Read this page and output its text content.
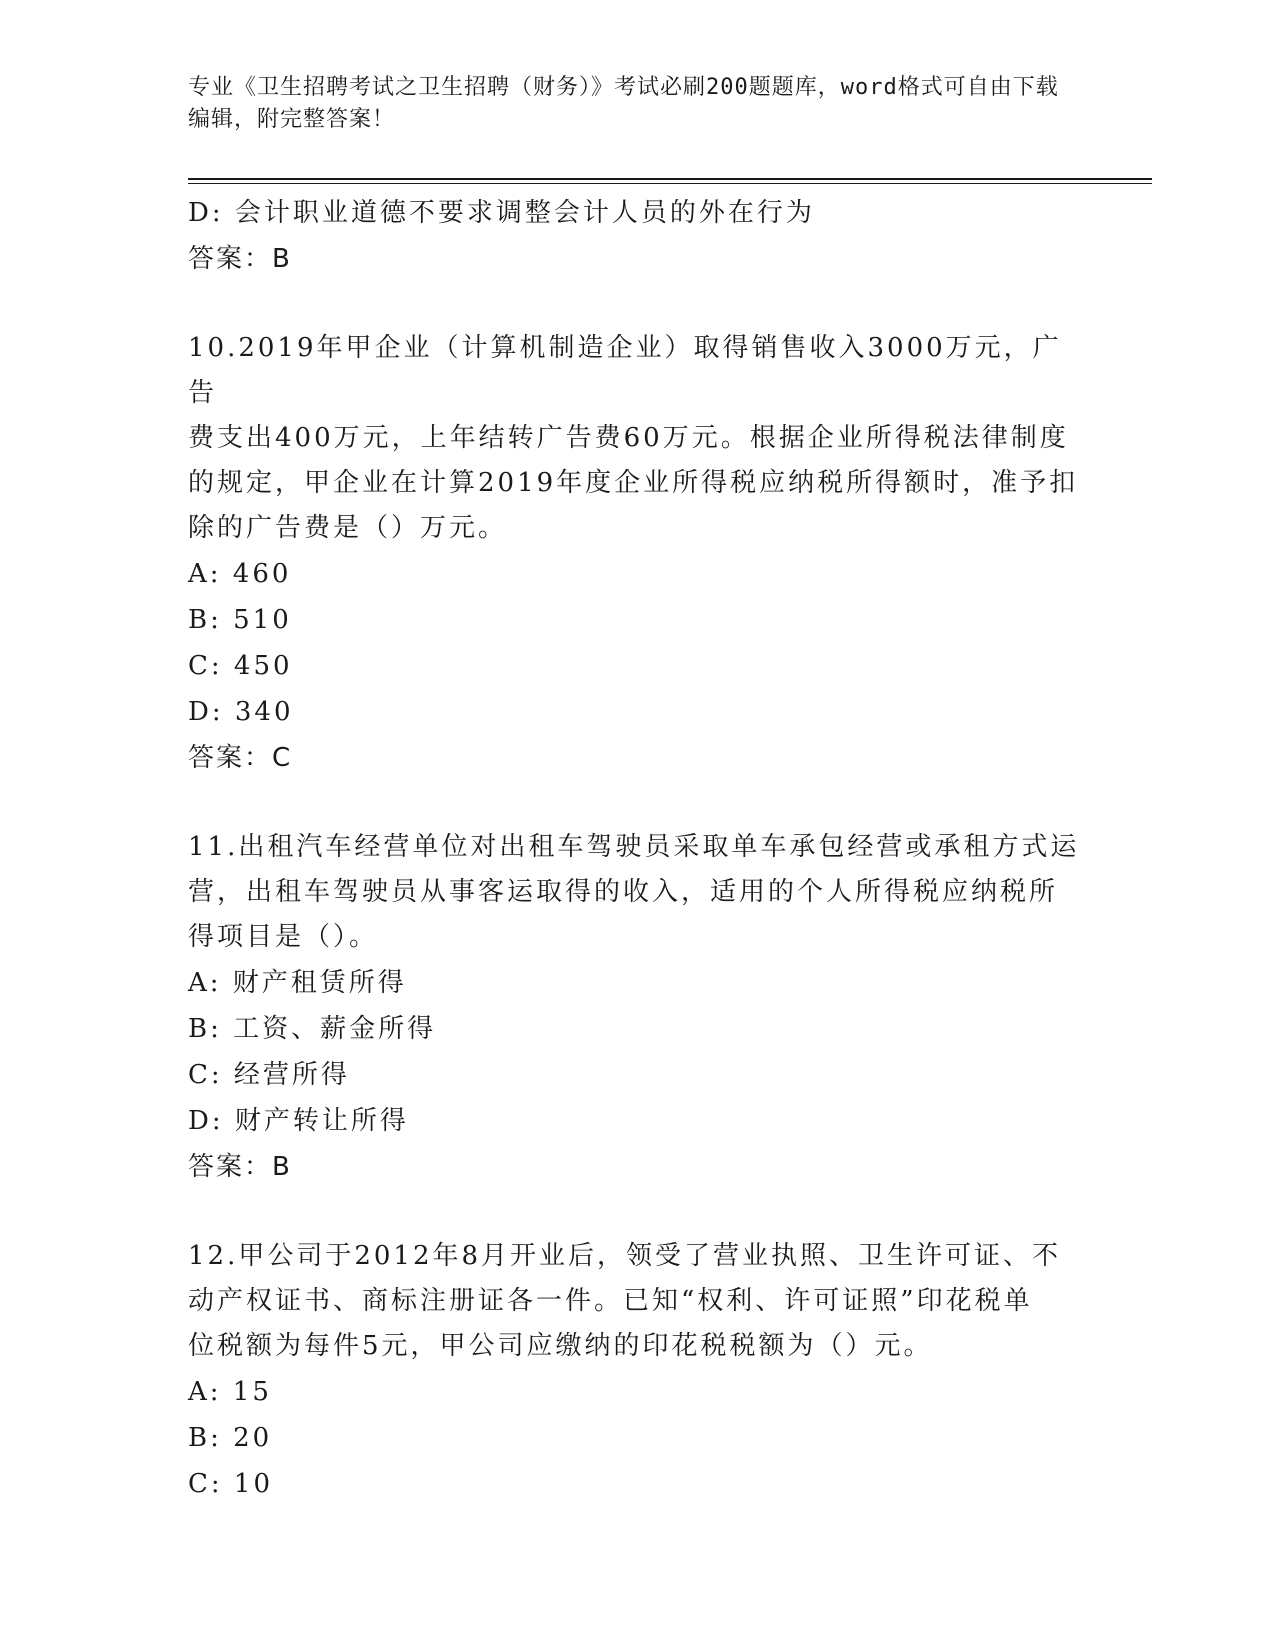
专业《卫生招聘考试之卫生招聘（财务）》考试必刷200题题库，word格式可自由下载编辑，附完整答案！
D: 会计职业道德不要求调整会计人员的外在行为
答案：B
10.2019年甲企业（计算机制造企业）取得销售收入3000万元，广告
费支出400万元，上年结转广告费60万元。根据企业所得税法律制度
的规定，甲企业在计算2019年度企业所得税应纳税所得额时，准予扣
除的广告费是（）万元。
A: 460
B: 510
C: 450
D: 340
答案：C
11.出租汽车经营单位对出租车驾驶员采取单车承包经营或承租方式运
营，出租车驾驶员从事客运取得的收入，适用的个人所得税应纳税所
得项目是（）。
A: 财产租赁所得
B: 工资、薪金所得
C: 经营所得
D: 财产转让所得
答案：B
12.甲公司于2012年8月开业后，领受了营业执照、卫生许可证、不
动产权证书、商标注册证各一件。已知“权利、许可证照”印花税单
位税额为每件5元，甲公司应缴纳的印花税税额为（）元。
A: 15
B: 20
C: 10
